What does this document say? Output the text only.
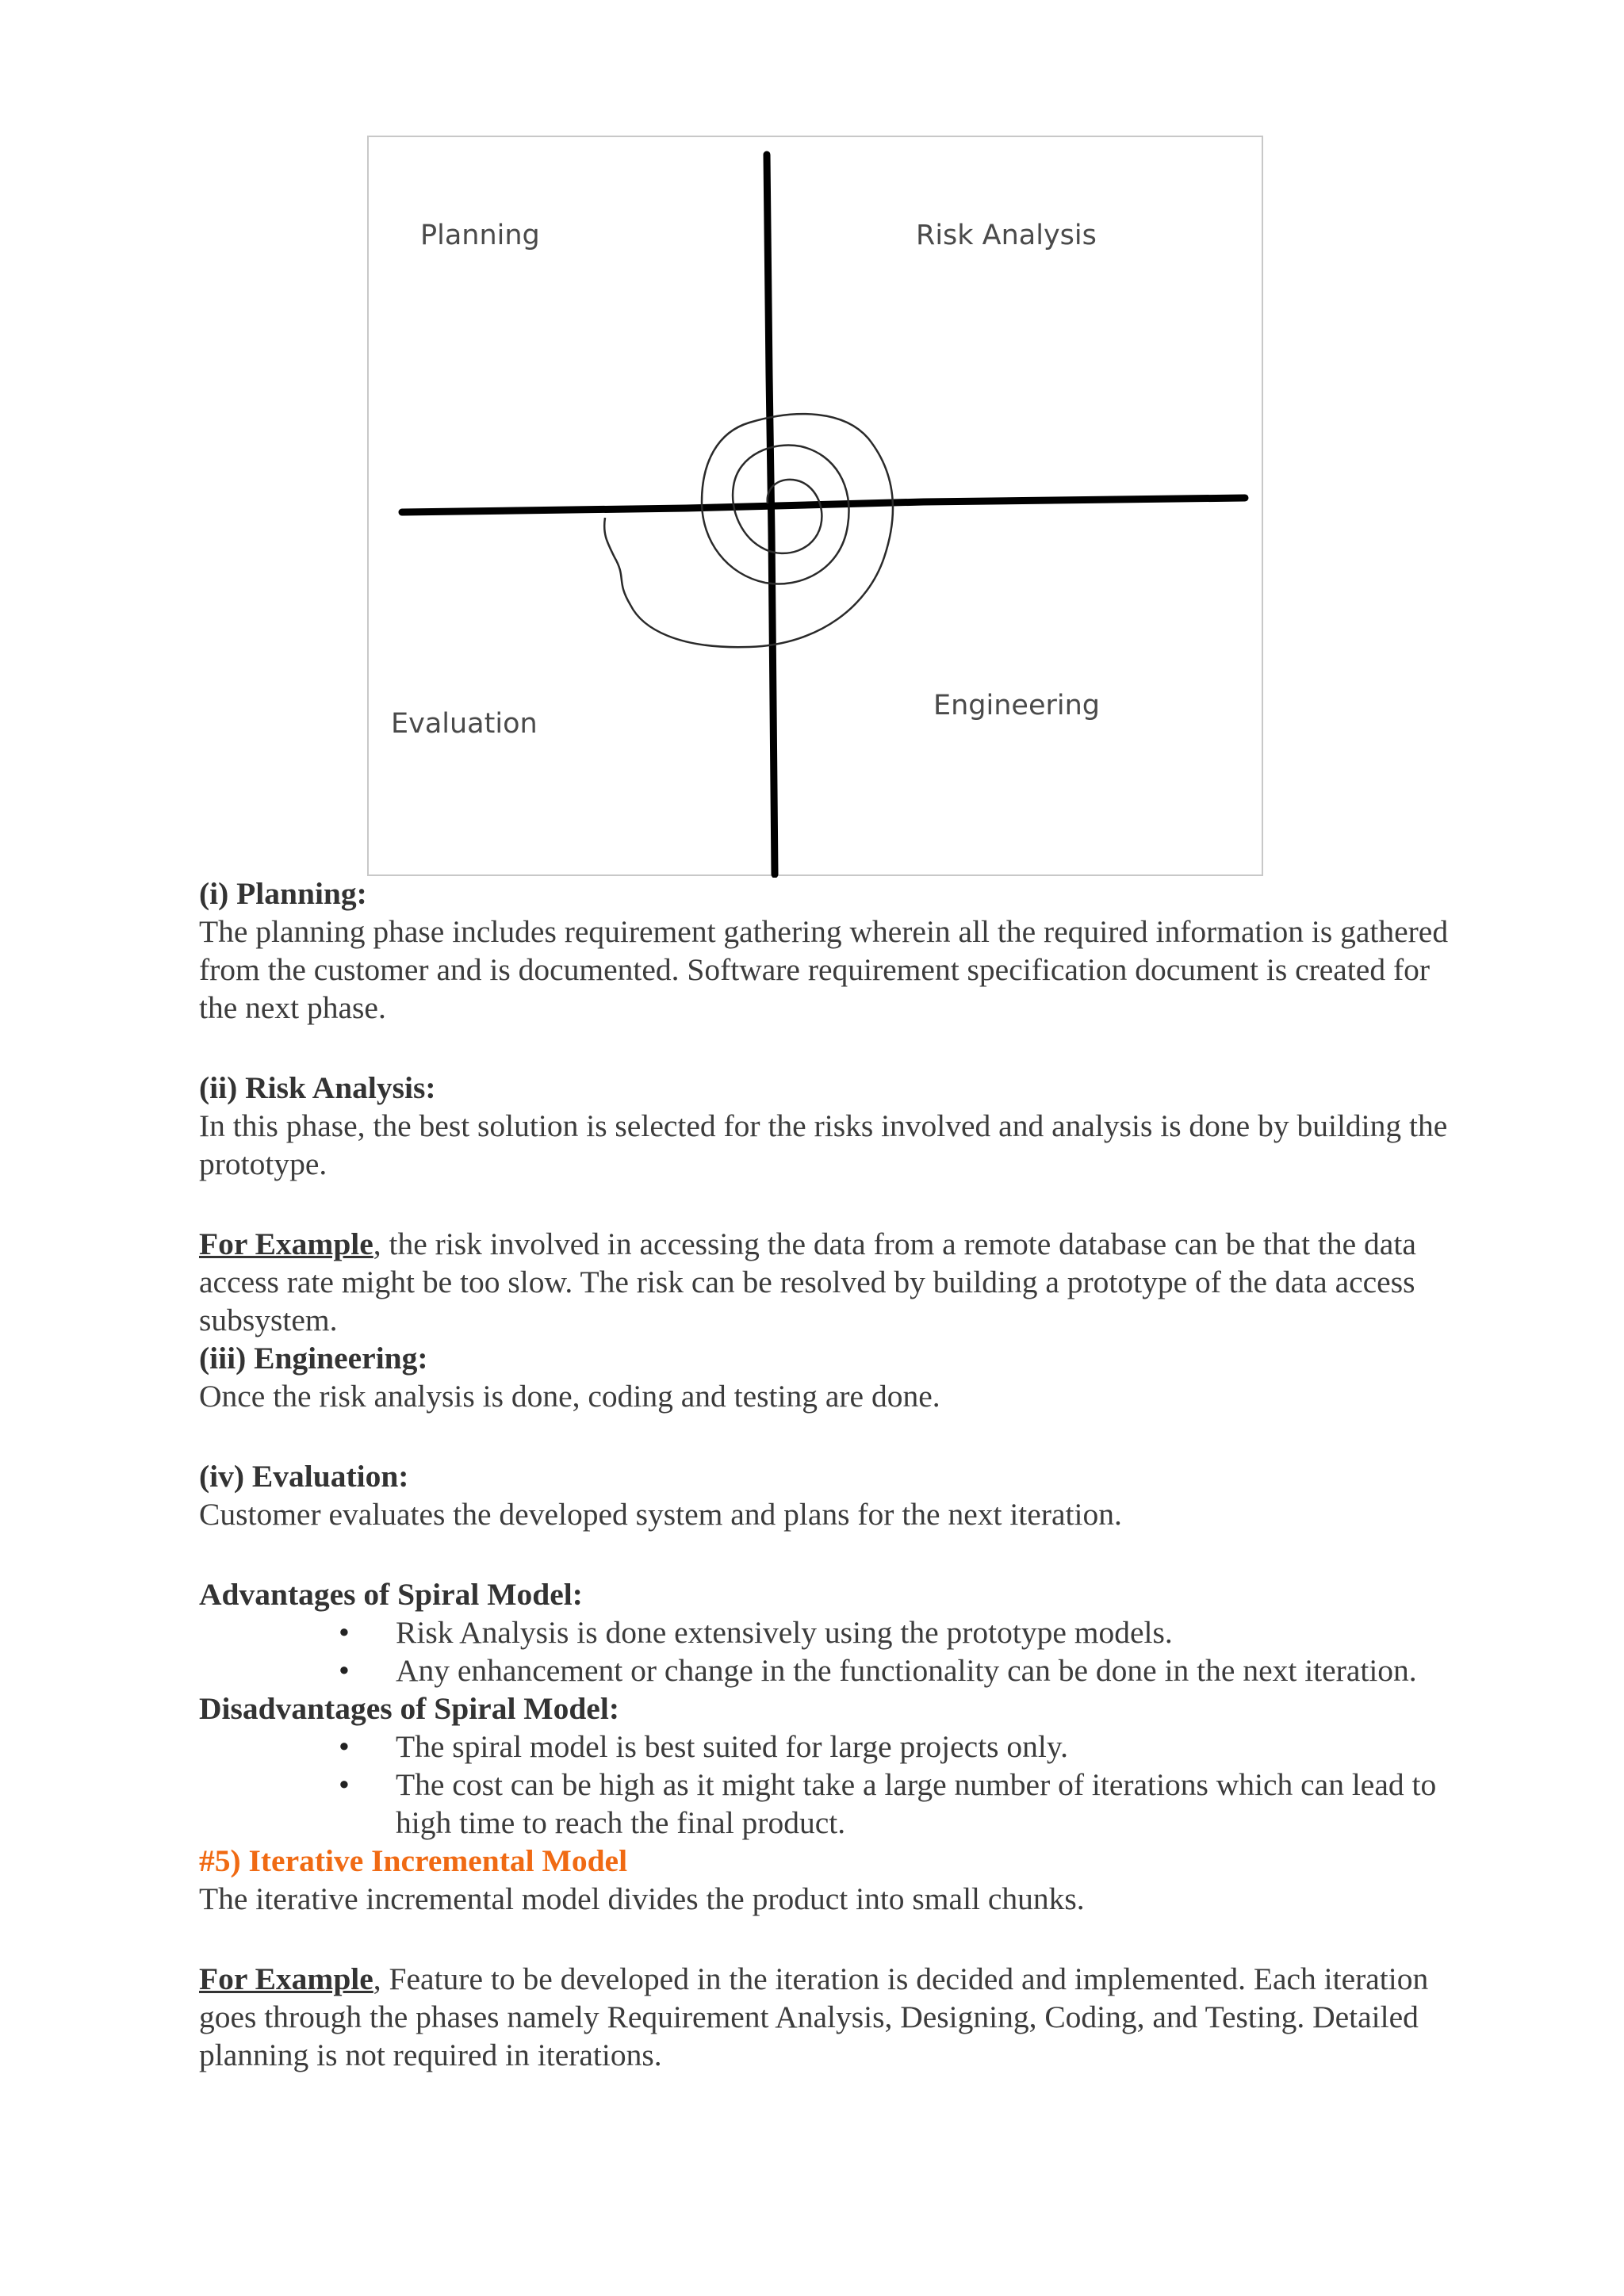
Planning	Risk Analysis
Evaluation
Engineering

(i) Planning:

The planning phase includes requirement gathering wherein all the required information is gathered from the customer and is documented. Software requirement specification document is created for the next phase.

(ii) Risk Analysis:

In this phase, the best solution is selected for the risks involved and analysis is done by building the prototype.

For Example, the risk involved in accessing the data from a remote database can be that the data access rate might be too slow. The risk can be resolved by building a prototype of the data access subsystem.

(iii) Engineering:

Once the risk analysis is done, coding and testing are done.

(iv) Evaluation:

Customer evaluates the developed system and plans for the next iteration.

Advantages of Spiral Model:

• Risk Analysis is done extensively using the prototype models.
• Any enhancement or change in the functionality can be done in the next iteration.

Disadvantages of Spiral Model:

• The spiral model is best suited for large projects only.
• The cost can be high as it might take a large number of iterations which can lead to high time to reach the final product.

#5) Iterative Incremental Model

The iterative incremental model divides the product into small chunks.

For Example, Feature to be developed in the iteration is decided and implemented. Each iteration goes through the phases namely Requirement Analysis, Designing, Coding, and Testing. Detailed planning is not required in iterations.
